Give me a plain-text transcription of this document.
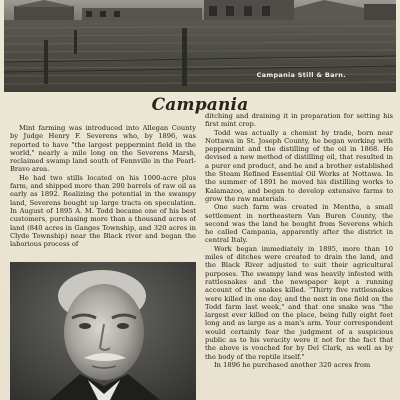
Campania Still & Barn.
Campania

Mint farming was introduced into Allegan County by Judge Henry F. Severens who, by 1896, was reported to have "the largest peppermint field in the world," nearly a mile long on the Severens Marsh, reclaimed swamp land south of Fennville in the Pearl-Bravo area.

He had two stills located on his 1000-acre plus farm, and shipped more than 200 barrels of raw oil as early as 1892. Realizing the potential in the swampy land, Severens bought up large tracts on speculation. In August of 1895 A. M. Todd became one of his best customers, purchasing more than a thousand acres of land (840 acres in Ganges Township, and 320 acres in Clyde Township) near the Black river and began the laborious process of

ditching and draining it in preparation for setting his first mint crop.

Todd was actually a chemist by trade, born near Nottawa in St. Joseph County, he began working with peppermint and the distilling of the oil in 1868. He devised a new method of distilling oil, that resulted in a purer end product, and he and a brother established the Steam Refined Essential Oil Works at Nottawa. In the summer of 1891 he moved his distilling works to Kalamazoo, and began to develop extensive farms to grow the raw materials.

One such farm was created in Mentha, a small settlement in northeastern Van Buren County, the second was the land he bought from Severens which he called Campania, apparently after the district in central Italy.

Work began immediately in 1895, more than 10 miles of ditches were created to drain the land, and the Black River adjusted to suit their agricultural purposes. The swampy land was heavily infested with rattlesnakes and the newspaper kept a running account of the snakes killed. "Thirty five rattlesnakes were killed in one day, and the next in one field on the Todd farm last week," and that one snake was "the largest ever killed on the place, being fully eight feet long and as large as a man's arm. Your correspondent would certainly fear the judgment of a suspicious public as to his veracity were it not for the fact that the above is vouched for by Del Clark, as well as by the body of the reptile itself."

In 1896 he purchased another 320 acres from
